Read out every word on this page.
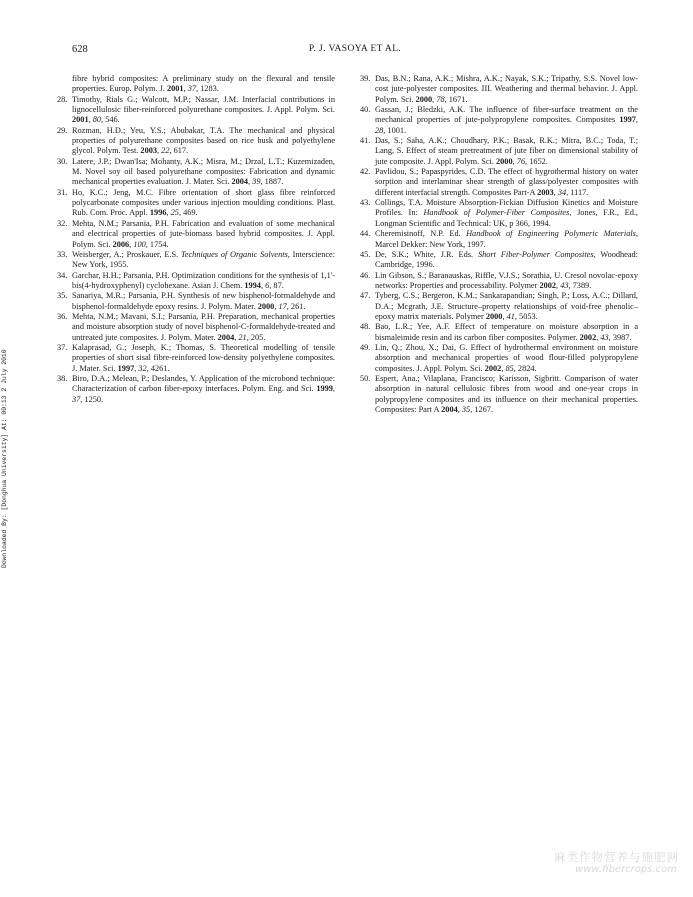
628	P. J. VASOYA ET AL.

fibre hybrid composites: A preliminary study on the flexural and tensile properties. Europ. Polym. J. 2001, 37, 1283.

28. Timothy, Rials G.; Walcott, M.P.; Nassar, J.M. Interfacial contributions in lignocellulosic fiber-reinforced polyurethane composites. J. Appl. Polym. Sci. 2001, 80, 546.

29. Rozman, H.D.; Yeu, Y.S.; Abubakar, T.A. The mechanical and physical properties of polyurethane composites based on rice husk and polyethylene glycol. Polym. Test. 2003, 22, 617.

30. Latere, J.P.; Dwan'Isa; Mohanty, A.K.; Misra, M.; Drzal, L.T.; Kuzemizaden, M. Novel soy oil based polyurethane composites: Fabrication and dynamic mechanical properties evaluation. J. Mater. Sci. 2004, 39, 1887.

31. Ho, K.C.; Jeng, M.C. Fibre orientation of short glass fibre reinforced polycarbonate composites under various injection moulding conditions. Plast. Rub. Com. Proc. Appl. 1996, 25, 469.

32. Mehta, N.M.; Parsania, P.H. Fabrication and evaluation of some mechanical and electrical properties of jute-biomass based hybrid composites. J. Appl. Polym. Sci. 2006, 100, 1754.

33. Weisberger, A.; Proskauer, E.S. Techniques of Organic Solvents, Interscience: New York, 1955.

34. Garchar, H.H.; Parsania, P.H. Optimization conditions for the synthesis of 1,1'-bis(4-hydroxyphenyl) cyclohexane. Asian J. Chem. 1994, 6, 87.

35. Sanariya, M.R.; Parsania, P.H. Synthesis of new bisphenol-formaldehyde and bisphenol-formaldehyde epoxy resins. J. Polym. Mater. 2000, 17, 261.

36. Mehta, N.M.; Mavani, S.I.; Parsania, P.H. Preparation, mechanical properties and moisture absorption study of novel bisphenol-C-formaldehyde-treated and untreated jute composites. J. Polym. Mater. 2004, 21, 205.

37. Kalaprasad, G.; Joseph, K.; Thomas, S. Theoretical modelling of tensile properties of short sisal fibre-reinforced low-density polyethylene composites. J. Mater. Sci. 1997, 32, 4261.

38. Biro, D.A.; Melean, P.; Deslandes, Y. Application of the microbond technique: Characterization of carbon fiber-epoxy interfaces. Polym. Eng. and Sci. 1999, 37, 1250.

39. Das, B.N.; Rana, A.K.; Mishra, A.K.; Nayak, S.K.; Tripathy, S.S. Novel low-cost jute-polyester composites. III. Weathering and thermal behavior. J. Appl. Polym. Sci. 2000, 78, 1671.

40. Gassan, J.; Bledzki, A.K. The influence of fiber-surface treatment on the mechanical properties of jute-polypropylene composites. Composites 1997, 28, 1001.

41. Das, S.; Saha, A.K.; Choudhary, P.K.; Basak, R.K.; Mitra, B.C.; Toda, T.; Lang, S. Effect of steam pretreatment of jute fiber on dimensional stability of jute composite. J. Appl. Polym. Sci. 2000, 76, 1652.

42. Pavlidou, S.; Papaspyrides, C.D. The effect of hygrothermal history on water sorption and interlaminar shear strength of glass/polyester composites with different interfacial strength. Composites Part-A 2003, 34, 1117.

43. Collings, T.A. Moisture Absorption-Fickian Diffusion Kinetics and Moisture Profiles. In: Handbook of Polymer-Fiber Composites, Jones, F.R., Ed., Longman Scientific and Technical: UK, p 366, 1994.

44. Cheremisinoff, N.P. Ed. Handbook of Engineering Polymeric Materials, Marcel Dekker: New York, 1997.

45. De, S.K.; White, J.R. Eds. Short Fiber-Polymer Composites, Woodhead: Cambridge, 1996.

46. Lin Gibson, S.; Baranauskas, Riffle, V.J.S.; Sorathia, U. Cresol novolac-epoxy networks: Properties and processability. Polymer 2002, 43, 7389.

47. Tyberg, C.S.; Bergeron, K.M.; Sankarapandian; Singh, P.; Loss, A.C.; Dillard, D.A.; Mcgrath, J.E. Structure–property relationships of void-free phenolic–epoxy matrix materials. Polymer 2000, 41, 5053.

48. Bao, L.R.; Yee, A.F. Effect of temperature on moisture absorption in a bismaleimide resin and its carbon fiber composites. Polymer. 2002, 43, 3987.

49. Lin, Q.; Zhou, X.; Dai, G. Effect of hydrothermal environment on moisture absorption and mechanical properties of wood flour-filled polypropylene composites. J. Appl. Polym. Sci. 2002, 85, 2824.

50. Espert, Ana.; Vilaplana, Francisco; Karisson, Sigbritt. Comparison of water absorption in natural cellulosic fibres from wood and one-year crops in polypropylene composites and its influence on their mechanical properties. Composites: Part A 2004, 35, 1267.

Downloaded By: [Donghua University] At: 00:13 2 July 2010
麻类作物营养与施肥网
www.fibercrops.com
